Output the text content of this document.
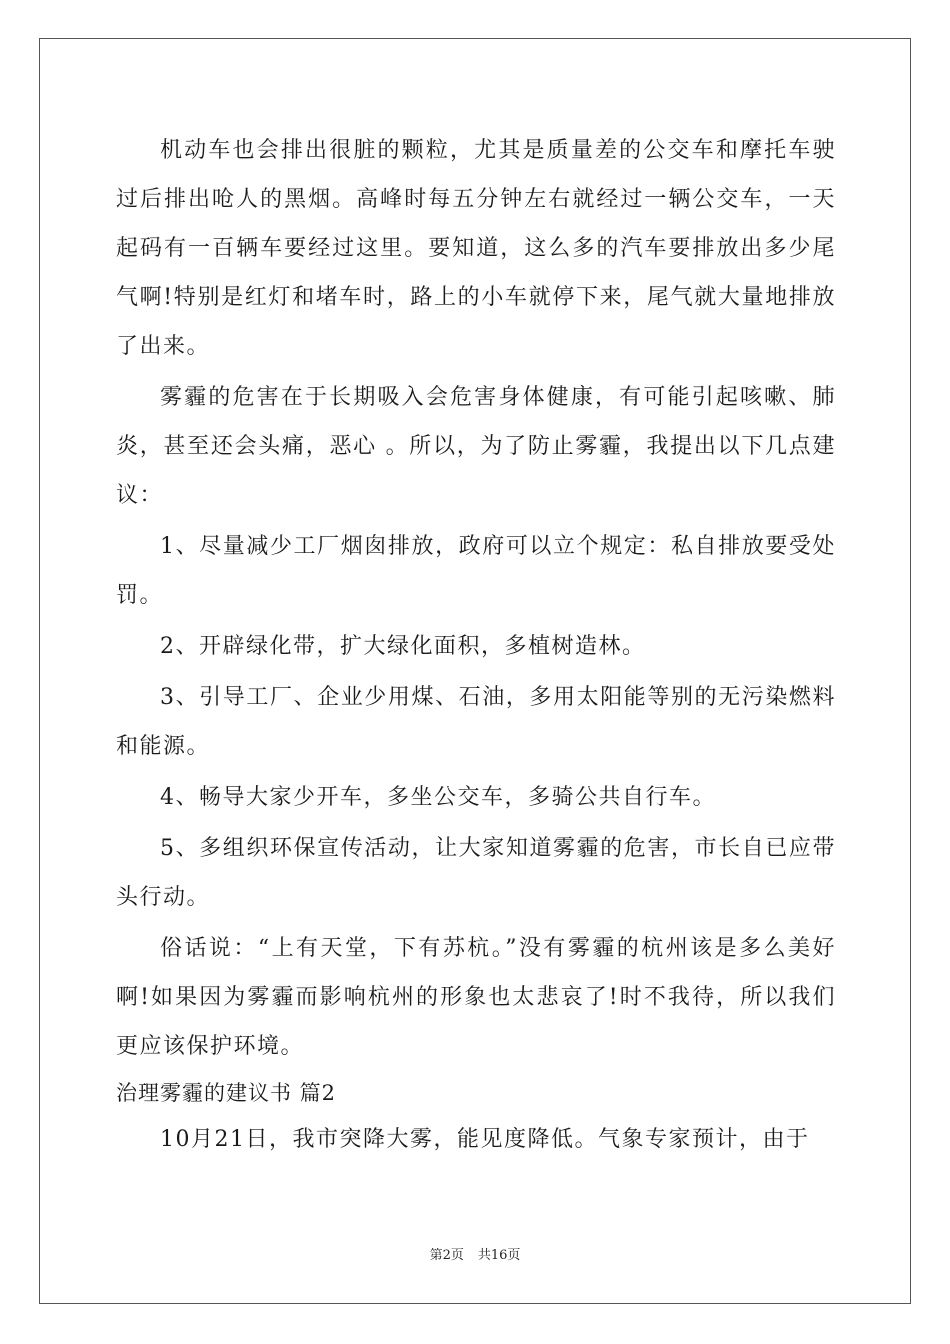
机动车也会排出很脏的颗粒，尤其是质量差的公交车和摩托车驶过后排出呛人的黑烟。高峰时每五分钟左右就经过一辆公交车，一天起码有一百辆车要经过这里。要知道，这么多的汽车要排放出多少尾气啊!特别是红灯和堵车时，路上的小车就停下来，尾气就大量地排放了出来。

雾霾的危害在于长期吸入会危害身体健康，有可能引起咳嗽、肺炎，甚至还会头痛，恶心 。所以，为了防止雾霾，我提出以下几点建议：

1、尽量减少工厂烟囱排放，政府可以立个规定：私自排放要受处罚。

2、开辟绿化带，扩大绿化面积，多植树造林。

3、引导工厂、企业少用煤、石油，多用太阳能等别的无污染燃料和能源。

4、畅导大家少开车，多坐公交车，多骑公共自行车。

5、多组织环保宣传活动，让大家知道雾霾的危害，市长自已应带头行动。

俗话说：“上有天堂，下有苏杭。”没有雾霾的杭州该是多么美好啊!如果因为雾霾而影响杭州的形象也太悲哀了!时不我待，所以我们更应该保护环境。

治理雾霾的建议书 篇2

10月21日，我市突降大雾，能见度降低。气象专家预计，由于

第2页 共16页
